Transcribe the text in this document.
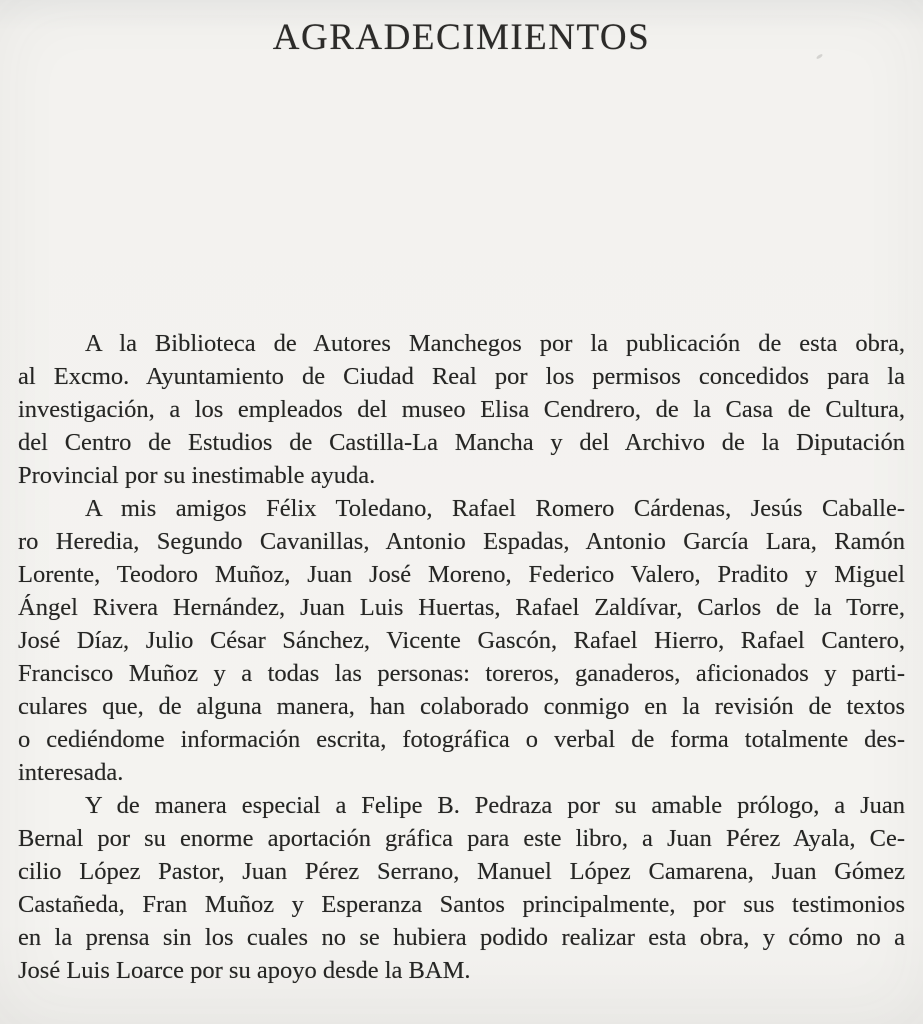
AGRADECIMIENTOS
A la Biblioteca de Autores Manchegos por la publicación de esta obra,
al Excmo. Ayuntamiento de Ciudad Real por los permisos concedidos para la
investigación, a los empleados del museo Elisa Cendrero, de la Casa de Cultura,
del Centro de Estudios de Castilla-La Mancha y del Archivo de la Diputación
Provincial por su inestimable ayuda.
A mis amigos Félix Toledano, Rafael Romero Cárdenas, Jesús Caballe-
ro Heredia, Segundo Cavanillas, Antonio Espadas, Antonio García Lara, Ramón
Lorente, Teodoro Muñoz, Juan José Moreno, Federico Valero, Pradito y Miguel
Ángel Rivera Hernández, Juan Luis Huertas, Rafael Zaldívar, Carlos de la Torre,
José Díaz, Julio César Sánchez, Vicente Gascón, Rafael Hierro, Rafael Cantero,
Francisco Muñoz y a todas las personas: toreros, ganaderos, aficionados y parti-
culares que, de alguna manera, han colaborado conmigo en la revisión de textos
o cediéndome información escrita, fotográfica o verbal de forma totalmente des-
interesada.
Y de manera especial a Felipe B. Pedraza por su amable prólogo, a Juan
Bernal por su enorme aportación gráfica para este libro, a Juan Pérez Ayala, Ce-
cilio López Pastor, Juan Pérez Serrano, Manuel López Camarena, Juan Gómez
Castañeda, Fran Muñoz y Esperanza Santos principalmente, por sus testimonios
en la prensa sin los cuales no se hubiera podido realizar esta obra, y cómo no a
José Luis Loarce por su apoyo desde la BAM.
